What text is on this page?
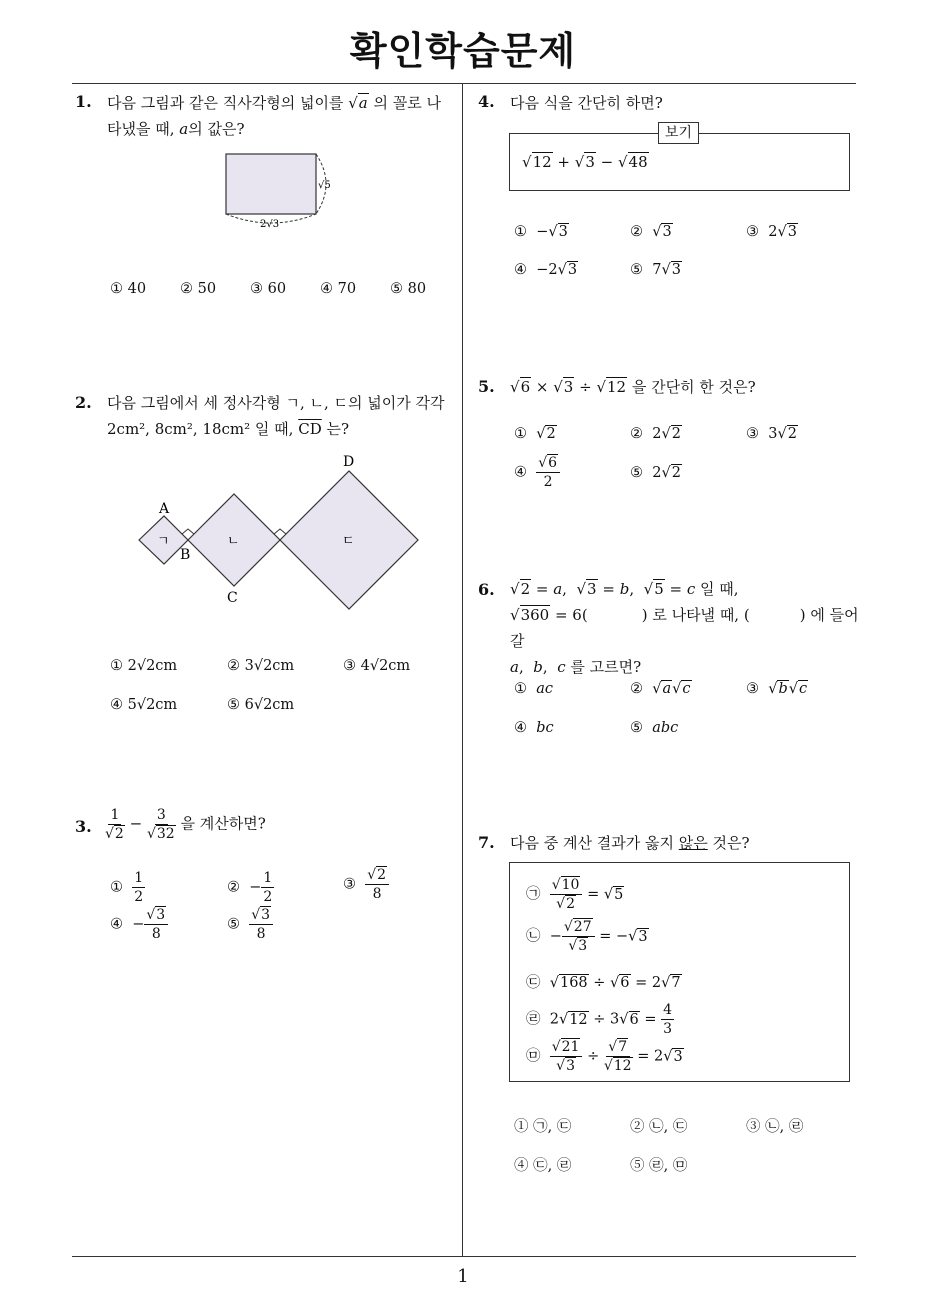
확인학습문제
1
1. 다음 그림과 같은 직사각형의 넓이를 √a 의 꼴로 나
타냈을 때, a의 값은?
√5
2√3
① 40 ② 50 ③ 60 ④ 70 ⑤ 80
2. 다음 그림에서 세 정사각형 ㄱ, ㄴ, ㄷ의 넓이가 각각
2cm², 8cm², 18cm² 일 때, $\overline{CD}$ 는?
A
B
C
D
ㄱ	ㄴ	ㄷ
① 2√2cm	② 3√2cm	③ 4√2cm
④ 5√2cm	⑤ 6√2cm
3. $\frac{1}{√2} - \frac{3}{√32}$ 을 계산하면?
① $\frac{1}{2}$	②  − $\frac{1}{2}$	③ $\frac{√2}{8}$
④  − $\frac{√3}{8}$	⑤ $\frac{√3}{8}$
4. 다음 식을 간단히 하면?
보기
√12 + √3 − √48
①  −√3	② √3	③  2√3
④  −2√3	⑤  7√3
5. √6 × √3 ÷ √12 을 간단히 한 것은?
① √2	②  2√2	③  3√2
④ $\frac{√6}{2}$	⑤  2√2
6. √2 = a,  √3 = b,  √5 = c 일 때,
√360 = 6(	) 로 나타낼 때, (	) 에 들어갈
a,  b,  c 를 고르면?
① ac	② √a√c	③ √b√c
④ bc	⑤ abc
7. 다음 중 계산 결과가 옳지 않은 것은?
㉠ $\frac{√10}{√2} = √5$
㉡  − $\frac{√27}{√3} = -√3$
㉢ √168 ÷ √6 = 2√7
㉣  $2√12 \div 3√6 = \frac{4}{3}$
㉤ $\frac{√21}{√3} \div \frac{√7}{√12} = 2√3$
① ㉠, ㉢	② ㉡, ㉢	③ ㉡, ㉣
④ ㉢, ㉣	⑤ ㉣, ㉤
